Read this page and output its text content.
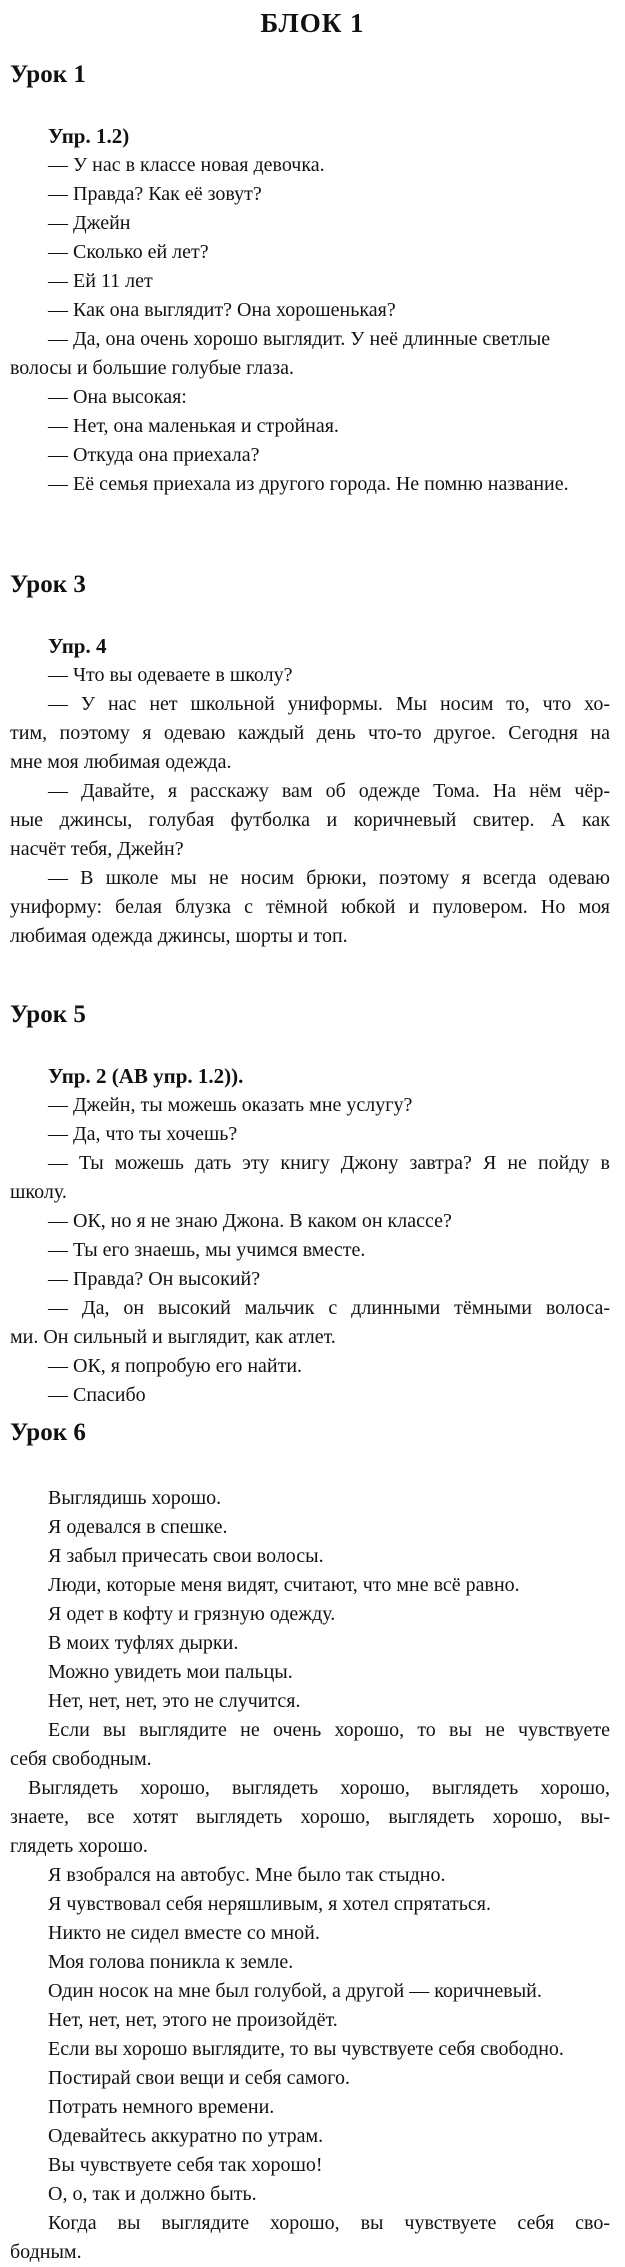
БЛОК 1

Урок 1

Упр. 1.2)

— У нас в классе новая девочка.

— Правда? Как её зовут?

— Джейн

— Сколько ей лет?

— Ей 11 лет

— Как она выглядит? Она хорошенькая?

— Да, она очень хорошо выглядит. У неё длинные светлые

волосы и большие голубые глаза.

— Она высокая:

— Нет, она маленькая и стройная.

— Откуда она приехала?

— Её семья приехала из другого города. Не помню название.

Урок 3

Упр. 4

— Что вы одеваете в школу?

— У нас нет школьной униформы. Мы носим то, что хо-

тим, поэтому я одеваю каждый день что-то другое. Сегодня на

мне моя любимая одежда.

— Давайте, я расскажу вам об одежде Тома. На нём чёр-

ные джинсы, голубая футболка и коричневый свитер. А как

насчёт тебя, Джейн?

— В школе мы не носим брюки, поэтому я всегда одеваю

униформу: белая блузка с тёмной юбкой и пуловером. Но моя

любимая одежда джинсы, шорты и топ.

Урок 5

Упр. 2 (АВ упр. 1.2)).

— Джейн, ты можешь оказать мне услугу?

— Да, что ты хочешь?

— Ты можешь дать эту книгу Джону завтра? Я не пойду в

школу.

— ОК, но я не знаю Джона. В каком он классе?

— Ты его знаешь, мы учимся вместе.

— Правда? Он высокий?

— Да, он высокий мальчик с длинными тёмными волоса-

ми. Он сильный и выглядит, как атлет.

— ОК, я попробую его найти.

— Спасибо

Урок 6

Выглядишь хорошо.

Я одевался в спешке.

Я забыл причесать свои волосы.

Люди, которые меня видят, считают, что мне всё равно.

Я одет в кофту и грязную одежду.

В моих туфлях дырки.

Можно увидеть мои пальцы.

Нет, нет, нет, это не случится.

Если вы выглядите не очень хорошо, то вы не чувствуете

себя свободным.

Выглядеть хорошо, выглядеть хорошо, выглядеть хорошо,

знаете, все хотят выглядеть хорошо, выглядеть хорошо, вы-

глядеть хорошо.

Я взобрался на автобус. Мне было так стыдно.

Я чувствовал себя неряшливым, я хотел спрятаться.

Никто не сидел вместе со мной.

Моя голова поникла к земле.

Один носок на мне был голубой, а другой — коричневый.

Нет, нет, нет, этого не произойдёт.

Если вы хорошо выглядите, то вы чувствуете себя свободно.

Постирай свои вещи и себя самого.

Потрать немного времени.

Одевайтесь аккуратно по утрам.

Вы чувствуете себя так хорошо!

О, о, так и должно быть.

Когда вы выглядите хорошо, вы чувствуете себя сво-

бодным.
